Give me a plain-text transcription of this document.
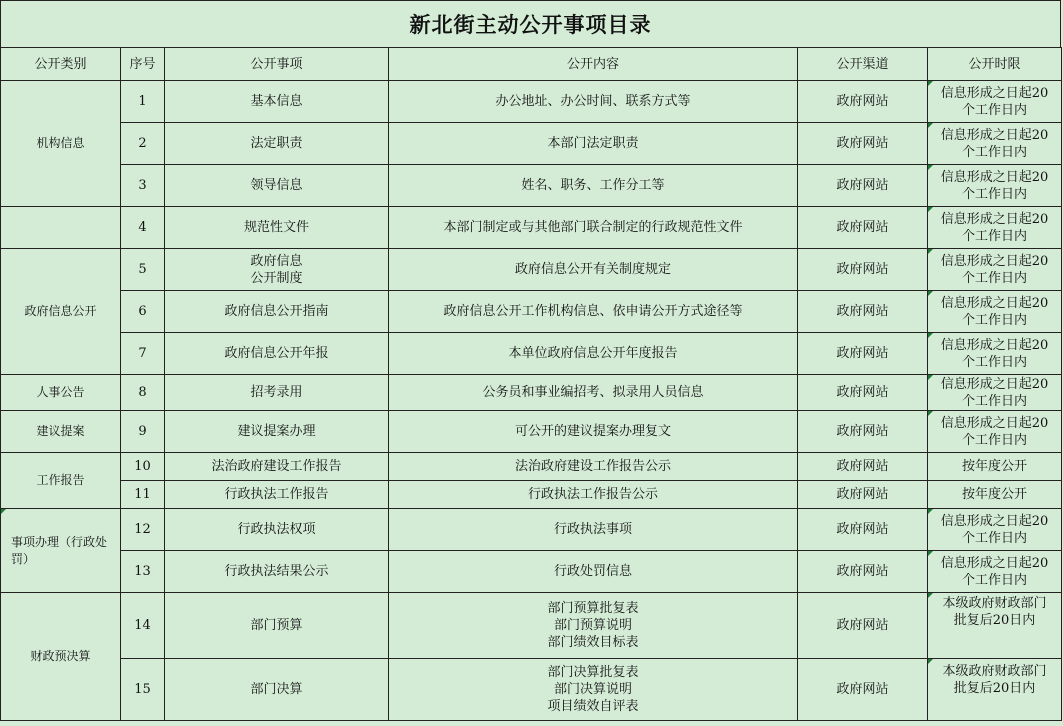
新北街主动公开事项目录
公开类别	序号	公开事项	公开内容	公开渠道	公开时限
机构信息	1	基本信息	办公地址、办公时间、联系方式等	政府网站	信息形成之日起20
个工作日内
	2	法定职责	本部门法定职责	政府网站	信息形成之日起20
个工作日内
	3	领导信息	姓名、职务、工作分工等	政府网站	信息形成之日起20
个工作日内
	4	规范性文件	本部门制定或与其他部门联合制定的行政规范性文件	政府网站	信息形成之日起20
个工作日内
政府信息公开	5	政府信息
公开制度	政府信息公开有关制度规定	政府网站	信息形成之日起20
个工作日内
	6	政府信息公开指南	政府信息公开工作机构信息、依申请公开方式途径等	政府网站	信息形成之日起20
个工作日内
	7	政府信息公开年报	本单位政府信息公开年度报告	政府网站	信息形成之日起20
个工作日内
人事公告	8	招考录用	公务员和事业编招考、拟录用人员信息	政府网站	信息形成之日起20
个工作日内
建议提案	9	建议提案办理	可公开的建议提案办理复文	政府网站	信息形成之日起20
个工作日内
工作报告	10	法治政府建设工作报告	法治政府建设工作报告公示	政府网站	按年度公开
	11	行政执法工作报告	行政执法工作报告公示	政府网站	按年度公开
事项办理（行政处罚）	12	行政执法权项	行政执法事项	政府网站	信息形成之日起20
个工作日内
	13	行政执法结果公示	行政处罚信息	政府网站	信息形成之日起20
个工作日内
财政预决算	14	部门预算	部门预算批复表
部门预算说明
部门绩效目标表	政府网站	本级政府财政部门
批复后20日内
	15	部门决算	部门决算批复表
部门决算说明
项目绩效自评表	政府网站	本级政府财政部门
批复后20日内
